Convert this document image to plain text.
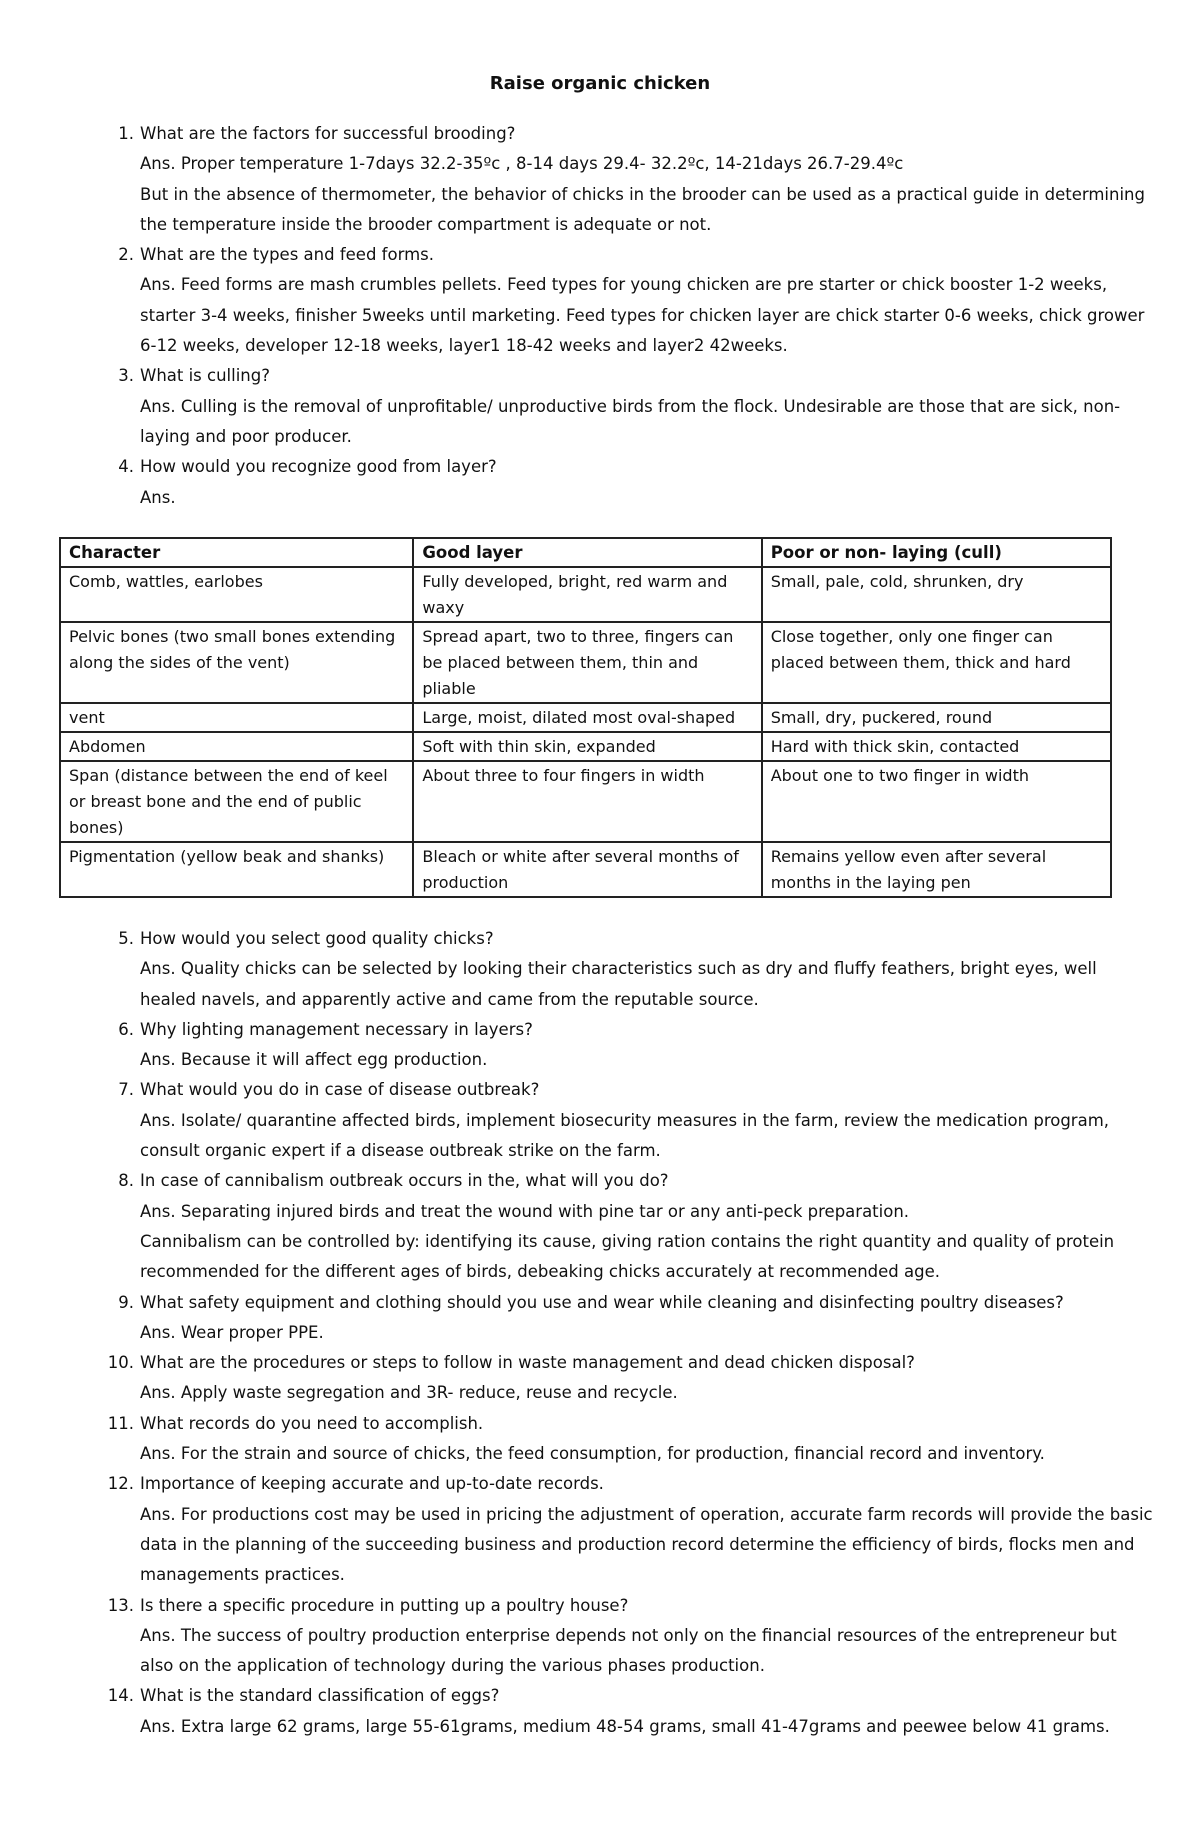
Raise organic chicken
1. What are the factors for successful brooding?
Ans. Proper temperature 1-7days 32.2-35ºc , 8-14 days 29.4- 32.2ºc, 14-21days 26.7-29.4ºc
But in the absence of thermometer, the behavior of chicks in the brooder can be used as a practical guide in determining the temperature inside the brooder compartment is adequate or not.
2. What are the types and feed forms.
Ans. Feed forms are mash crumbles pellets. Feed types for young chicken are pre starter or chick booster 1-2 weeks, starter 3-4 weeks, finisher 5weeks until marketing. Feed types for chicken layer are chick starter 0-6 weeks, chick grower 6-12 weeks, developer 12-18 weeks, layer1 18-42 weeks and layer2 42weeks.
3. What is culling?
Ans. Culling is the removal of unprofitable/ unproductive birds from the flock. Undesirable are those that are sick, non-laying and poor producer.
4. How would you recognize good from layer?
Ans.
Character	Good layer	Poor or non- laying (cull)
Comb, wattles, earlobes	Fully developed, bright, red warm and waxy	Small, pale, cold, shrunken, dry
Pelvic bones (two small bones extending along the sides of the vent)	Spread apart, two to three, fingers can be placed between them, thin and pliable	Close together, only one finger can placed between them, thick and hard
vent	Large, moist, dilated most oval-shaped	Small, dry, puckered, round
Abdomen	Soft with thin skin, expanded	Hard with thick skin, contacted
Span (distance between the end of keel or breast bone and the end of public bones)	About three to four fingers in width	About one to two finger in width
Pigmentation (yellow beak and shanks)	Bleach or white after several months of production	Remains yellow even after several months in the laying pen
5. How would you select good quality chicks?
Ans. Quality chicks can be selected by looking their characteristics such as dry and fluffy feathers, bright eyes, well healed navels, and apparently active and came from the reputable source.
6. Why lighting management necessary in layers?
Ans. Because it will affect egg production.
7. What would you do in case of disease outbreak?
Ans. Isolate/ quarantine affected birds, implement biosecurity measures in the farm, review the medication program, consult organic expert if a disease outbreak strike on the farm.
8. In case of cannibalism outbreak occurs in the, what will you do?
Ans. Separating injured birds and treat the wound with pine tar or any anti-peck preparation.
Cannibalism can be controlled by: identifying its cause, giving ration contains the right quantity and quality of protein recommended for the different ages of birds, debeaking chicks accurately at recommended age.
9. What safety equipment and clothing should you use and wear while cleaning and disinfecting poultry diseases?
Ans. Wear proper PPE.
10. What are the procedures or steps to follow in waste management and dead chicken disposal?
Ans. Apply waste segregation and 3R- reduce, reuse and recycle.
11. What records do you need to accomplish.
Ans. For the strain and source of chicks, the feed consumption, for production, financial record and inventory.
12. Importance of keeping accurate and up-to-date records.
Ans. For productions cost may be used in pricing the adjustment of operation, accurate farm records will provide the basic data in the planning of the succeeding business and production record determine the efficiency of birds, flocks men and managements practices.
13. Is there a specific procedure in putting up a poultry house?
Ans. The success of poultry production enterprise depends not only on the financial resources of the entrepreneur but also on the application of technology during the various phases production.
14. What is the standard classification of eggs?
Ans. Extra large 62 grams, large 55-61grams, medium 48-54 grams, small 41-47grams and peewee below 41 grams.
